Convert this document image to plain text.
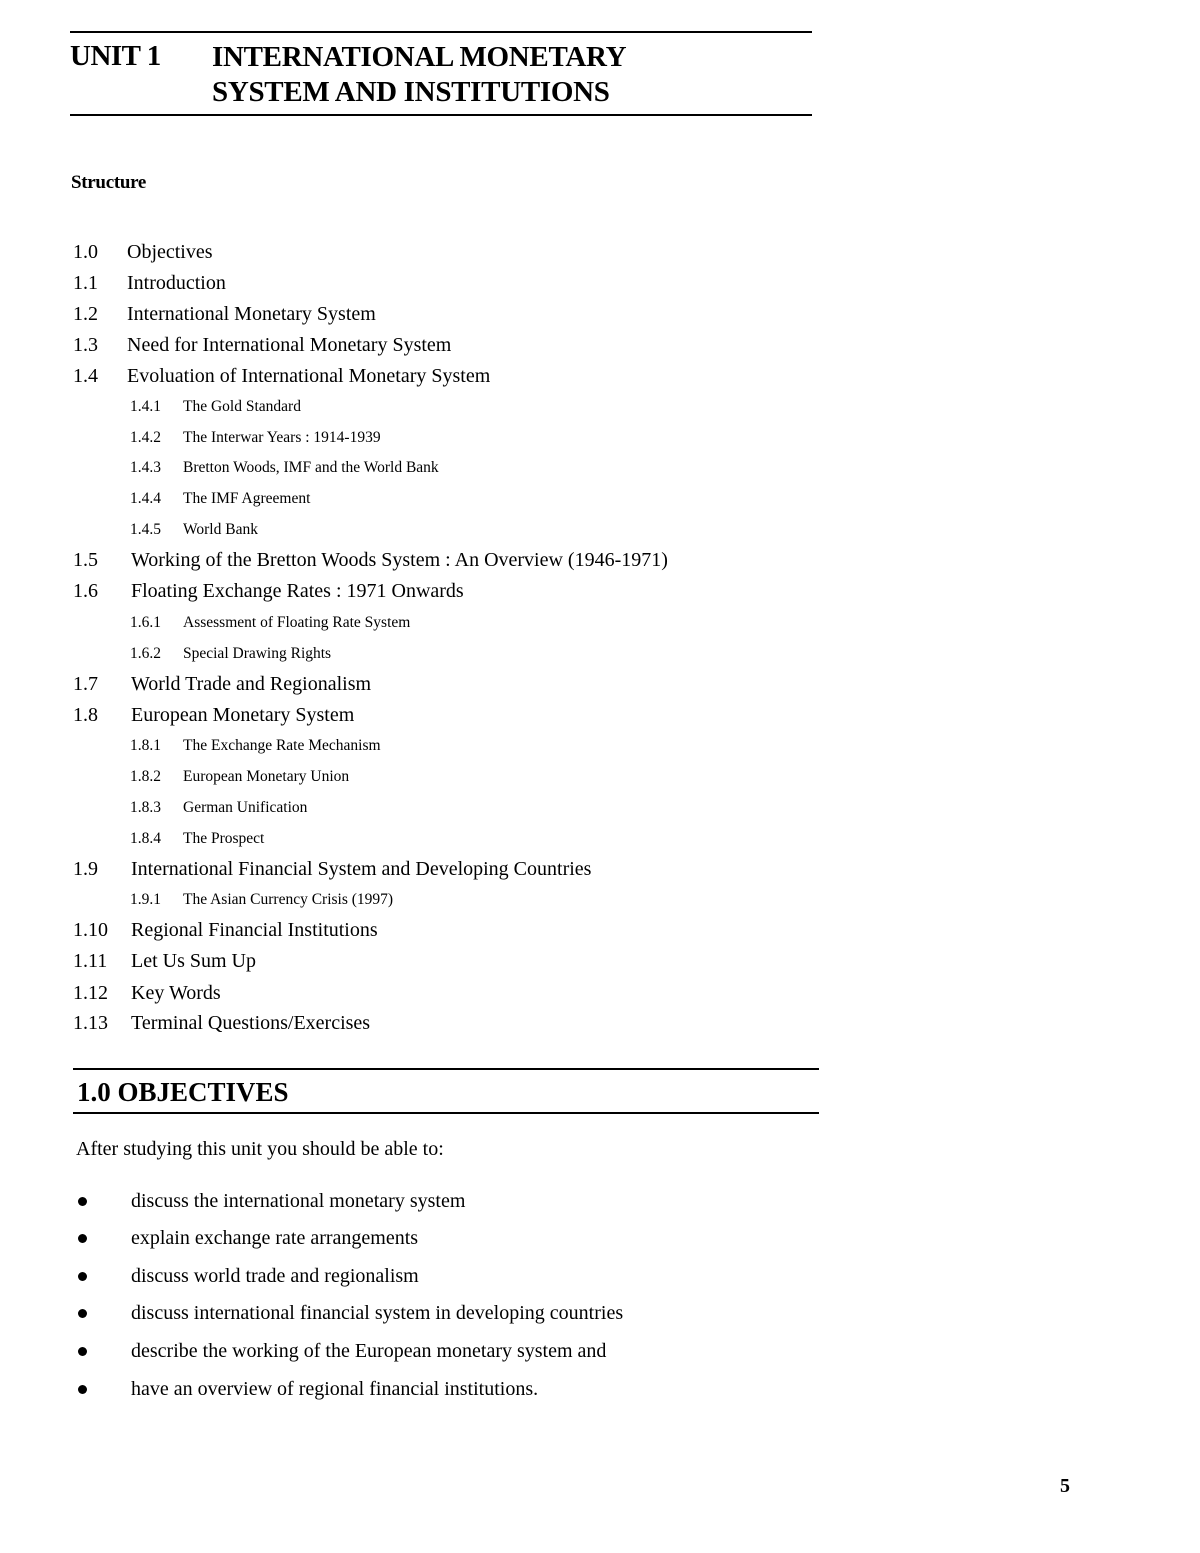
UNIT 1 INTERNATIONAL MONETARY
SYSTEM AND INSTITUTIONS
Structure
1.0 Objectives
1.1 Introduction
1.2 International Monetary System
1.3 Need for International Monetary System
1.4 Evoluation of International Monetary System
1.4.1 The Gold Standard
1.4.2 The Interwar Years : 1914-1939
1.4.3 Bretton Woods, IMF and the World Bank
1.4.4 The IMF Agreement
1.4.5 World Bank
1.5 Working of the Bretton Woods System : An Overview (1946-1971)
1.6 Floating Exchange Rates : 1971 Onwards
1.6.1 Assessment of Floating Rate System
1.6.2 Special Drawing Rights
1.7 World Trade and Regionalism
1.8 European Monetary System
1.8.1 The Exchange Rate Mechanism
1.8.2 European Monetary Union
1.8.3 German Unification
1.8.4 The Prospect
1.9 International Financial System and Developing Countries
1.9.1 The Asian Currency Crisis (1997)
1.10 Regional Financial Institutions
1.11 Let Us Sum Up
1.12 Key Words
1.13 Terminal Questions/Exercises
1.0 OBJECTIVES
After studying this unit you should be able to:
discuss the international monetary system
explain exchange rate arrangements
discuss world trade and regionalism
discuss international financial system in developing countries
describe the working of the European monetary system and
have an overview of regional financial institutions.
5
